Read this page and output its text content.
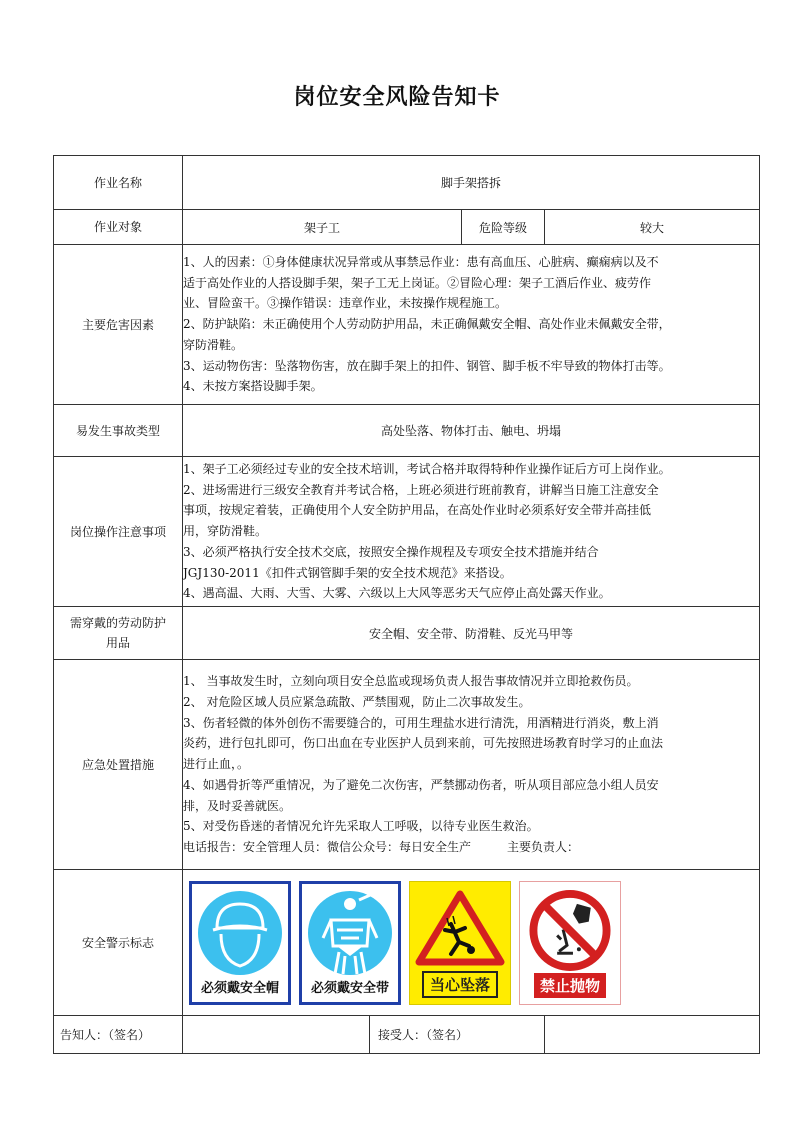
岗位安全风险告知卡
作业名称	脚手架搭拆			
作业对象	架子工		危险等级	较大
主要危害因素	
1、人的因素：①身体健康状况异常或从事禁忌作业：患有高血压、心脏病、癫痫病以及不
适于高处作业的人搭设脚手架，架子工无上岗证。②冒险心理：架子工酒后作业、疲劳作
业、冒险蛮干。③操作错误：违章作业，未按操作规程施工。
2、防护缺陷：未正确使用个人劳动防护用品，未正确佩戴安全帽、高处作业未佩戴安全带，
穿防滑鞋。
3、运动物伤害：坠落物伤害，放在脚手架上的扣件、钢管、脚手板不牢导致的物体打击等。
4、未按方案搭设脚手架。

易发生事故类型	高处坠落、物体打击、触电、坍塌			
岗位操作注意事项	
1、架子工必须经过专业的安全技术培训，考试合格并取得特种作业操作证后方可上岗作业。
2、进场需进行三级安全教育并考试合格，上班必须进行班前教育，讲解当日施工注意安全
事项，按规定着装，正确使用个人安全防护用品，在高处作业时必须系好安全带并高挂低
用，穿防滑鞋。
3、必须严格执行安全技术交底，按照安全操作规程及专项安全技术措施并结合
JGJ130-2011《扣件式钢管脚手架的安全技术规范》来搭设。
4、遇高温、大雨、大雪、大雾、六级以上大风等恶劣天气应停止高处露天作业。

需穿戴的劳动防护
用品	安全帽、安全带、防滑鞋、反光马甲等			
应急处置措施	
1、 当事故发生时，立刻向项目安全总监或现场负责人报告事故情况并立即抢救伤员。
2、 对危险区域人员应紧急疏散、严禁围观，防止二次事故发生。
3、伤者轻微的体外创伤不需要缝合的，可用生理盐水进行清洗，用酒精进行消炎，敷上消
炎药，进行包扎即可，伤口出血在专业医护人员到来前，可先按照进场教育时学习的止血法
进行止血，。
4、如遇骨折等严重情况，为了避免二次伤害，严禁挪动伤者，听从项目部应急小组人员安
排，及时妥善就医。
5、对受伤昏迷的者情况允许先采取人工呼吸，以待专业医生救治。
电话报告：安全管理人员：微信公众号：每日安全生产　　　主要负责人：

安全警示标志	必须戴安全帽 必须戴安全带 当心坠落 禁止抛物			

告知人：（签名）		接受人：（签名）		
